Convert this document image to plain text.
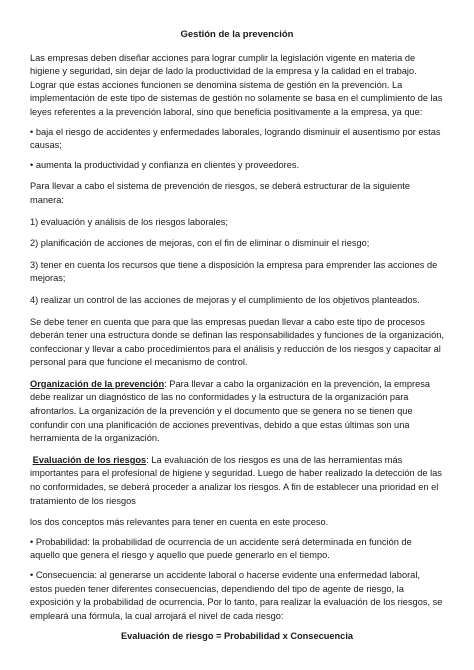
Gestión de la prevención

Las empresas deben diseñar acciones para lograr cumplir la legislación vigente en materia de higiene y seguridad, sin dejar de lado la productividad de la empresa y la calidad en el trabajo. Lograr que estas acciones funcionen se denomina sistema de gestión en la prevención. La implementación de este tipo de sistemas de gestión no solamente se basa en el cumplimiento de las leyes referentes a la prevención laboral, sino que beneficia positivamente a la empresa, ya que:

• baja el riesgo de accidentes y enfermedades laborales, logrando disminuir el ausentismo por estas causas;

• aumenta la productividad y confianza en clientes y proveedores.

Para llevar a cabo el sistema de prevención de riesgos, se deberá estructurar de la siguiente manera:

1) evaluación y análisis de los riesgos laborales;

2) planificación de acciones de mejoras, con el fin de eliminar o disminuir el riesgo;

3) tener en cuenta los recursos que tiene a disposición la empresa para emprender las acciones de mejoras;

4) realizar un control de las acciones de mejoras y el cumplimiento de los objetivos planteados.

Se debe tener en cuenta que para que las empresas puedan llevar a cabo este tipo de procesos deberán tener una estructura donde se definan las responsabilidades y funciones de la organización, confeccionar y llevar a cabo procedimientos para el análisis y reducción de los riesgos y capacitar al personal para que funcione el mecanismo de control.

Organización de la prevención: Para llevar a cabo la organización en la prevención, la empresa debe realizar un diagnóstico de las no conformidades y la estructura de la organización para afrontarlos. La organización de la prevención y el documento que se genera no se tienen que confundir con una planificación de acciones preventivas, debido a que estas últimas son una herramienta de la organización.

Evaluación de los riesgos: La evaluación de los riesgos es una de las herramientas más importantes para el profesional de higiene y seguridad. Luego de haber realizado la detección de las no conformidades, se deberá proceder a analizar los riesgos. A fin de establecer una prioridad en el tratamiento de los riesgos

los dos conceptos más relevantes para tener en cuenta en este proceso.

• Probabilidad: la probabilidad de ocurrencia de un accidente será determinada en función de aquello que genera el riesgo y aquello que puede generarlo en el tiempo.

• Consecuencia: al generarse un accidente laboral o hacerse evidente una enfermedad laboral, estos pueden tener diferentes consecuencias, dependiendo del tipo de agente de riesgo, la exposición y la probabilidad de ocurrencia. Por lo tanto, para realizar la evaluación de los riesgos, se empleará una fórmula, la cual arrojará el nivel de cada riesgo:

Evaluación de riesgo = Probabilidad x Consecuencia
